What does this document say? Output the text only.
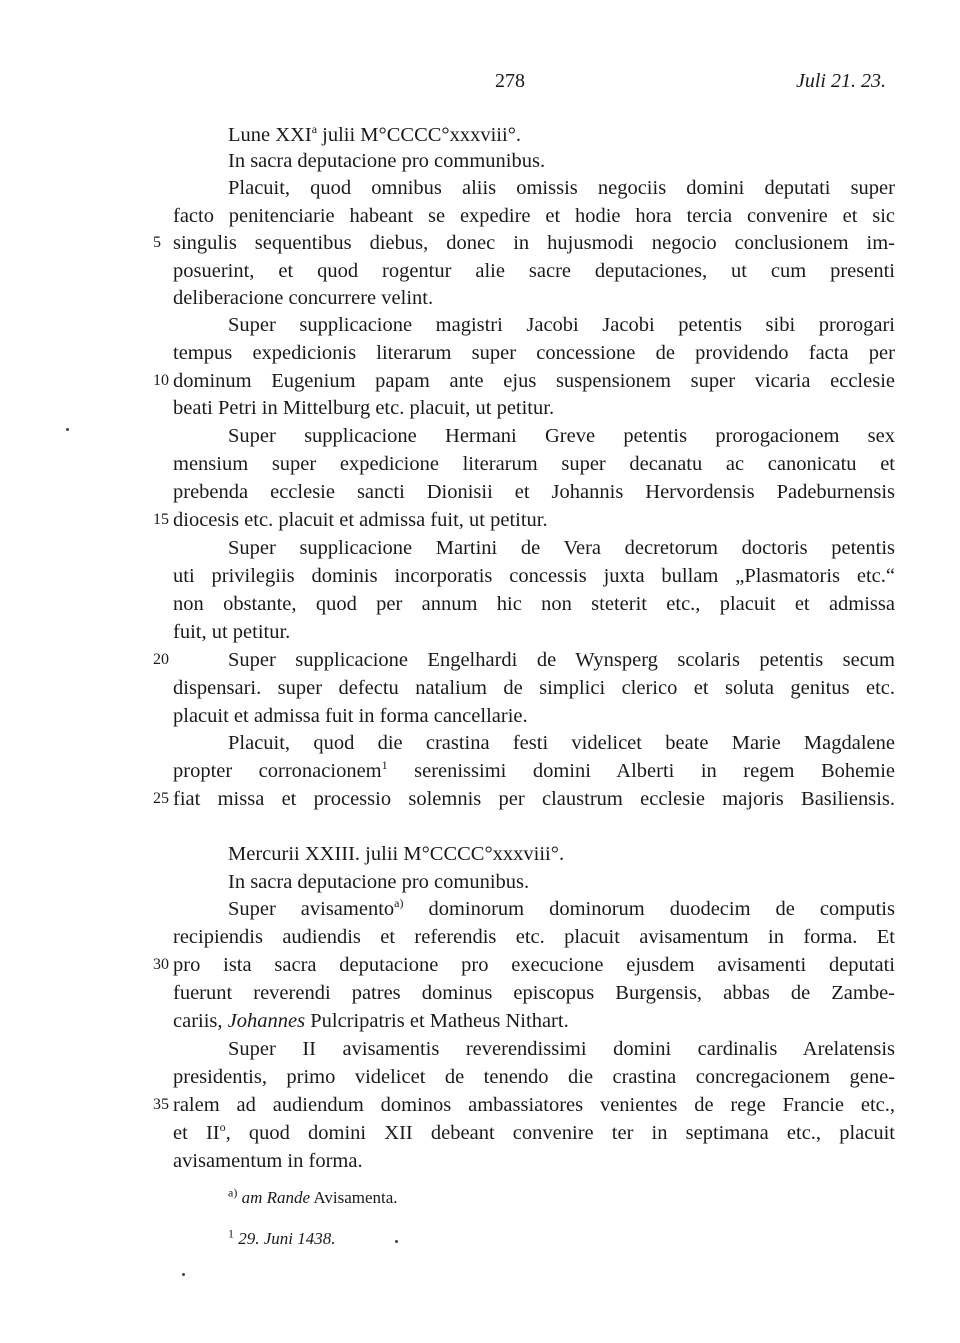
278	Juli 21. 23.
Lune XXI$^a$ julii M°CCCC°xxxviii°.
In sacra deputacione pro communibus.
Placuit, quod omnibus aliis omissis negociis domini deputati super
facto penitenciarie habeant se expedire et hodie hora tercia convenire et sic
5 singulis sequentibus diebus, donec in hujusmodi negocio conclusionem im-
posuerint, et quod rogentur alie sacre deputaciones, ut cum presenti
deliberacione concurrere velint.
Super supplicacione magistri Jacobi Jacobi petentis sibi prorogari
tempus expedicionis literarum super concessione de providendo facta per
10 dominum Eugenium papam ante ejus suspensionem super vicaria ecclesie
beati Petri in Mittelburg etc. placuit, ut petitur.
Super supplicacione Hermani Greve petentis prorogacionem sex
mensium super expedicione literarum super decanatu ac canonicatu et
prebenda ecclesie sancti Dionisii et Johannis Hervordensis Padeburnensis
15 diocesis etc. placuit et admissa fuit, ut petitur.
Super supplicacione Martini de Vera decretorum doctoris petentis
uti privilegiis dominis incorporatis concessis juxta bullam „Plasmatoris etc.“
non obstante, quod per annum hic non steterit etc., placuit et admissa
fuit, ut petitur.
20	Super supplicacione Engelhardi de Wynsperg scolaris petentis secum
dispensari. super defectu natalium de simplici clerico et soluta genitus etc.
placuit et admissa fuit in forma cancellarie.
Placuit, quod die crastina festi videlicet beate Marie Magdalene
propter corronacionem$^1$ serenissimi domini Alberti in regem Bohemie
25 fiat missa et processio solemnis per claustrum ecclesie majoris Basiliensis.
Mercurii XXIII. julii M°CCCC°xxxviii°.
In sacra deputacione pro comunibus.
Super avisamento$^{a)}$ dominorum dominorum duodecim de computis
recipiendis audiendis et referendis etc. placuit avisamentum in forma. Et
30 pro ista sacra deputacione pro execucione ejusdem avisamenti deputati
fuerunt reverendi patres dominus episcopus Burgensis, abbas de Zambe-
cariis, Johannes Pulcripatris et Matheus Nithart.
Super II avisamentis reverendissimi domini cardinalis Arelatensis
presidentis, primo videlicet de tenendo die crastina concregacionem gene-
35 ralem ad audiendum dominos ambassiatores venientes de rege Francie etc.,
et $II^o$, quod domini XII debeant convenire ter in septimana etc., placuit
avisamentum in forma.
$^{a)}$ am Rande Avisamenta.
$^1$ 29. Juni 1438.
